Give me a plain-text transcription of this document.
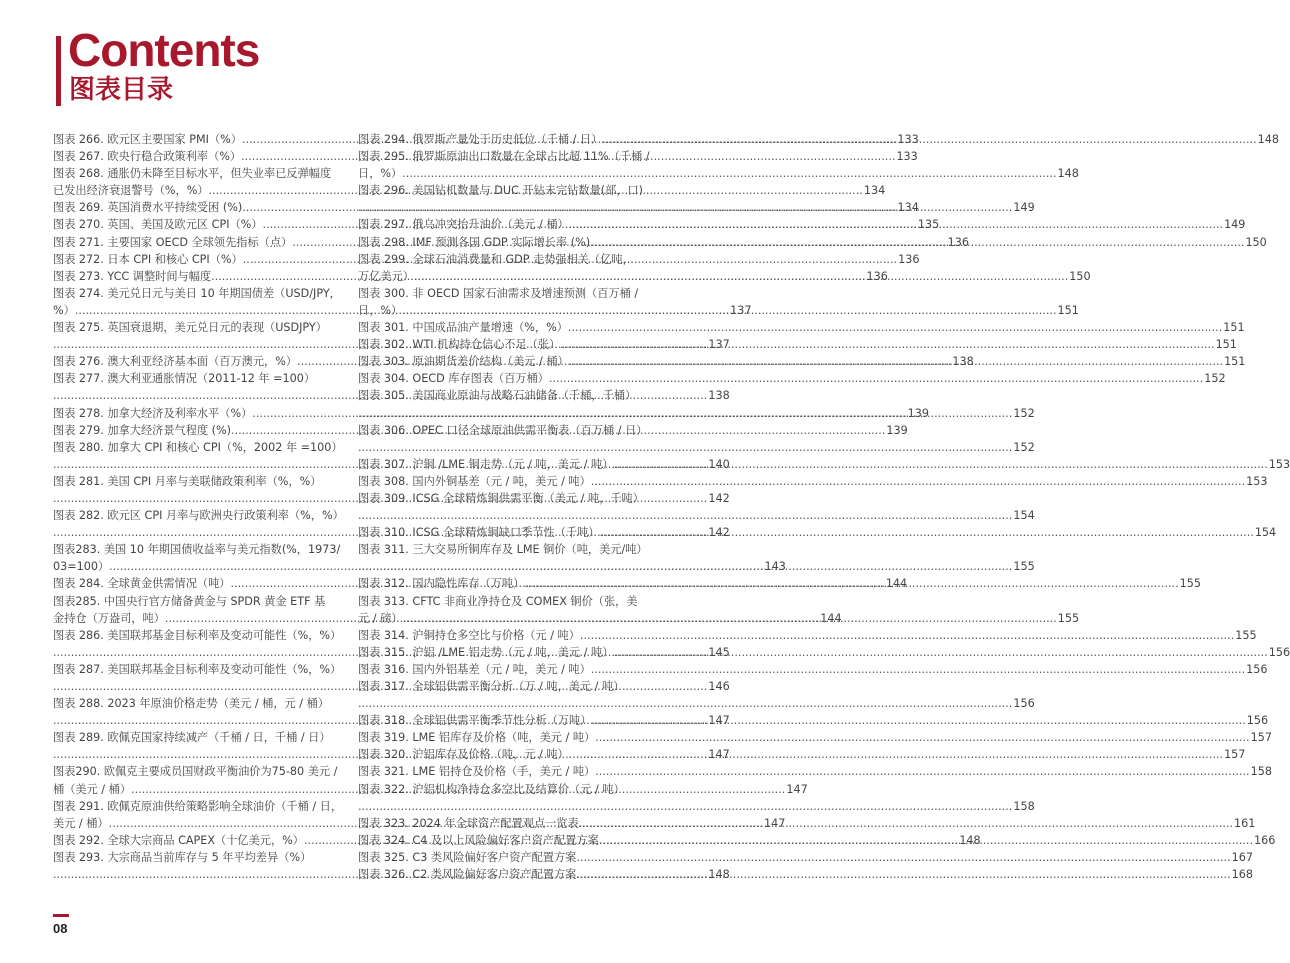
Contents
图表目录
图表 266. 欧元区主要国家 PMI（%） .....	133
图表 267. 欧央行稳合政策利率（%） .....	133
图表 268. 通胀仍未降至目标水平，但失业率已反弹幅度
已发出经济衰退警号（%，%） .....	134
图表 269. 英国消费水平持续受困 (%) .....	134
图表 270. 英国、美国及欧元区 CPI（%） .....	135
图表 271. 主要国家 OECD 全球领先指标（点） .....	136
图表 272. 日本 CPI 和核心 CPI（%） .....	136
图表 273. YCC 调整时间与幅度 .....	136
图表 274. 美元兑日元与美日 10 年期国债差（USD/JPY，
%） .....	137
图表 275. 英国衰退期，美元兑日元的表现（USDJPY）
.....
137
图表 276. 澳大利亚经济基本面（百万澳元，%） .....	138
图表 277. 澳大利亚通胀情况（2011-12 年 =100）
.....
138
图表 278. 加拿大经济及利率水平（%） .....	139
图表 279. 加拿大经济景气程度 (%) .....	139
图表 280. 加拿大 CPI 和核心 CPI（%，2002 年 =100）
.....
140
图表 281. 美国 CPI 月率与美联储政策利率（%，%）
.....
142
图表 282. 欧元区 CPI 月率与欧洲央行政策利率（%，%）
.....
142
图表283. 美国 10 年期国债收益率与美元指数(%，1973/
03=100） .....	143
图表 284. 全球黄金供需情况（吨） .....	144
图表285. 中国央行官方储备黄金与 SPDR 黄金 ETF 基
金持仓（万盎司，吨） .....	144
图表 286. 美国联邦基金目标利率及变动可能性（%，%）
.....
145
图表 287. 美国联邦基金目标利率及变动可能性（%，%）
.....
146
图表 288. 2023 年原油价格走势（美元 / 桶，元 / 桶）
.....
147
图表 289. 欧佩克国家持续减产（千桶 / 日，千桶 / 日）
.....
147
图表290. 欧佩克主要成员国财政平衡油价为75-80 美元 /
桶（美元 / 桶） .....	147
图表 291. 欧佩克原油供给策略影响全球油价（千桶 / 日，
美元 / 桶） .....	147
图表 292. 全球大宗商品 CAPEX（十亿美元，%） .....	148
图表 293. 大宗商品当前库存与 5 年平均差异（%）
.....
148
图表 294. 俄罗斯产量处于历史低位（千桶 / 日） .....	148
图表 295. 俄罗斯原油出口数量在全球占比超 11%（千桶 /
日，%） .....	148
图表 296. 美国钻机数量与 DUC 开钻未完钻数量(部，口)
.....
149
图表 297. 俄乌冲突抬升油价（美元 / 桶） .....	149
图表 298. IMF 预测各国 GDP 实际增长率 (%) .....	150
图表 299. 全球石油消费量和 GDP 走势强相关（亿吨，
万亿美元） .....	150
图表 300. 非 OECD 国家石油需求及增速预测（百万桶 /
日，%） .....	151
图表 301. 中国成品油产量增速（%，%） .....	151
图表 302. WTI 机构持仓信心不足（张） .....	151
图表 303. 原油期货差价结构（美元 / 桶） .....	151
图表 304. OECD 库存图表（百万桶） .....	152
图表 305. 美国商业原油与战略石油储备（千桶，千桶）
.....
152
图表 306. OPEC 口径全球原油供需平衡表（百万桶 / 日）
.....
152
图表 307. 沪铜 /LME 铜走势（元 / 吨，美元 / 吨） .....	153
图表 308. 国内外铜基差（元 / 吨，美元 / 吨） .....	153
图表 309. ICSG 全球精炼铜供需平衡（美元 / 吨，千吨）
.....
154
图表 310. ICSG 全球精炼铜缺口季节性（千吨） .....	154
图表 311. 三大交易所铜库存及 LME 铜价（吨，美元/吨）
.....
155
图表 312. 国内隐性库存（万吨） .....	155
图表 313. CFTC 非商业净持仓及 COMEX 铜价（张，美
元 / 磅） .....	155
图表 314. 沪铜持仓多空比与价格（元 / 吨） .....	155
图表 315. 沪铝 /LME 铝走势（元 / 吨，美元 / 吨） .....	156
图表 316. 国内外铝基差（元 / 吨，美元 / 吨） .....	156
图表 317. 全球铝供需平衡分析（万 / 吨，美元 / 吨）
.....
156
图表 318. 全球铝供需平衡季节性分析（万吨） .....	156
图表 319. LME 铝库存及价格（吨，美元 / 吨） .....	157
图表 320. 沪铝库存及价格（吨，元 / 吨） .....	157
图表 321. LME 铝持仓及价格（手，美元 / 吨） .....	158
图表 322. 沪铝机构净持仓多空比及结算价（元 / 吨）
.....
158
图表 323. 2024 年全球资产配置观点一览表 .....	161
图表 324. C4 及以上风险偏好客户资产配置方案 .....	166
图表 325. C3 类风险偏好客户资产配置方案 .....	167
图表 326. C2 类风险偏好客户资产配置方案 .....	168
08
